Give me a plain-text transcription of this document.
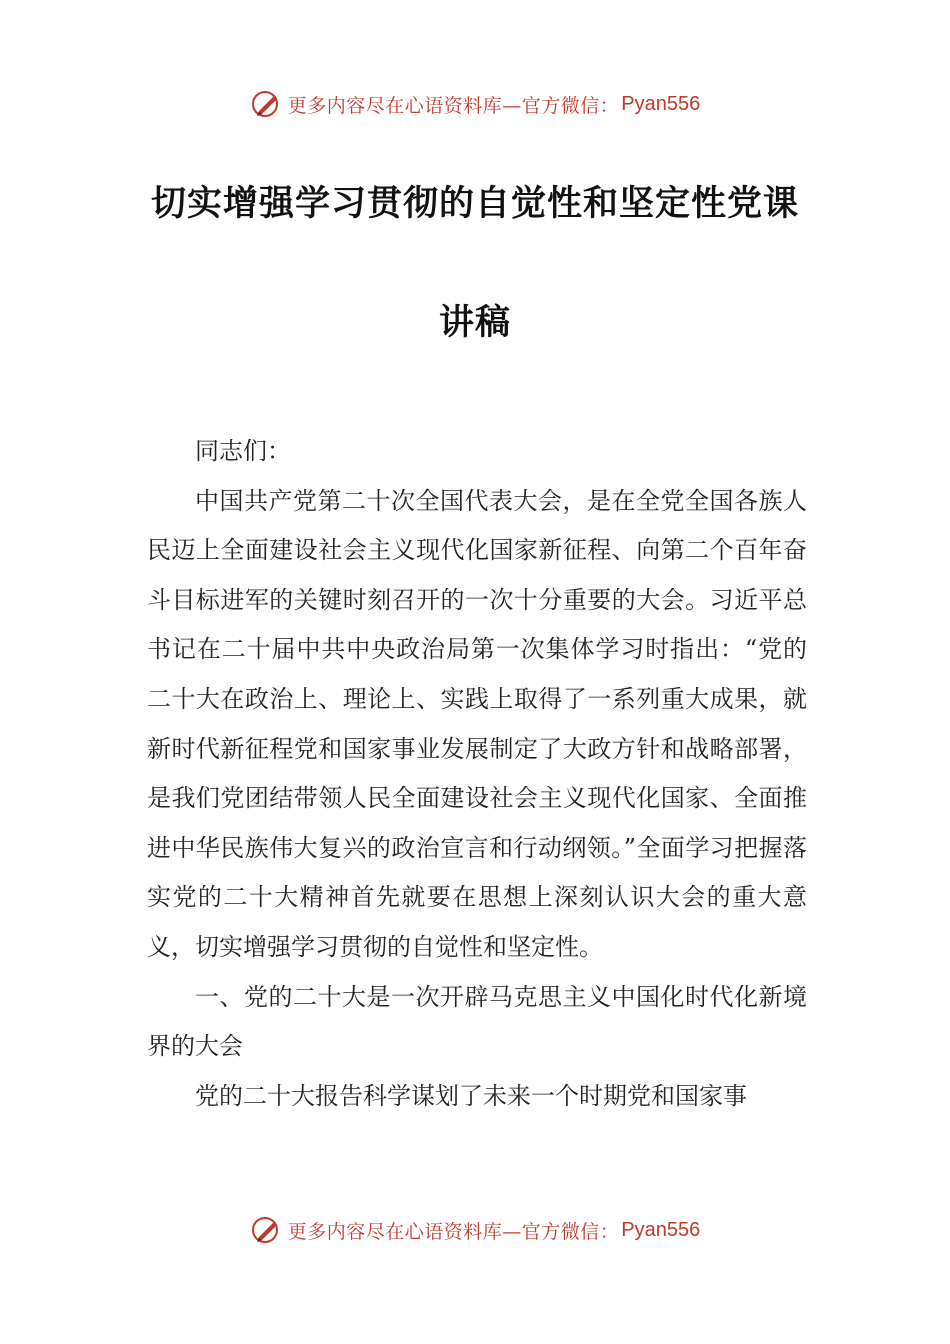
更多内容尽在心语资料库—官方微信： Pyan556
切实增强学习贯彻的自觉性和坚定性党课
讲稿

同志们：

中国共产党第二十次全国代表大会，是在全党全国各族人民迈上全面建设社会主义现代化国家新征程、向第二个百年奋斗目标进军的关键时刻召开的一次十分重要的大会。习近平总书记在二十届中共中央政治局第一次集体学习时指出：“党的二十大在政治上、理论上、实践上取得了一系列重大成果，就新时代新征程党和国家事业发展制定了大政方针和战略部署，是我们党团结带领人民全面建设社会主义现代化国家、全面推进中华民族伟大复兴的政治宣言和行动纲领。”全面学习把握落实党的二十大精神首先就要在思想上深刻认识大会的重大意义，切实增强学习贯彻的自觉性和坚定性。

一、党的二十大是一次开辟马克思主义中国化时代化新境界的大会

党的二十大报告科学谋划了未来一个时期党和国家事

更多内容尽在心语资料库—官方微信： Pyan556
